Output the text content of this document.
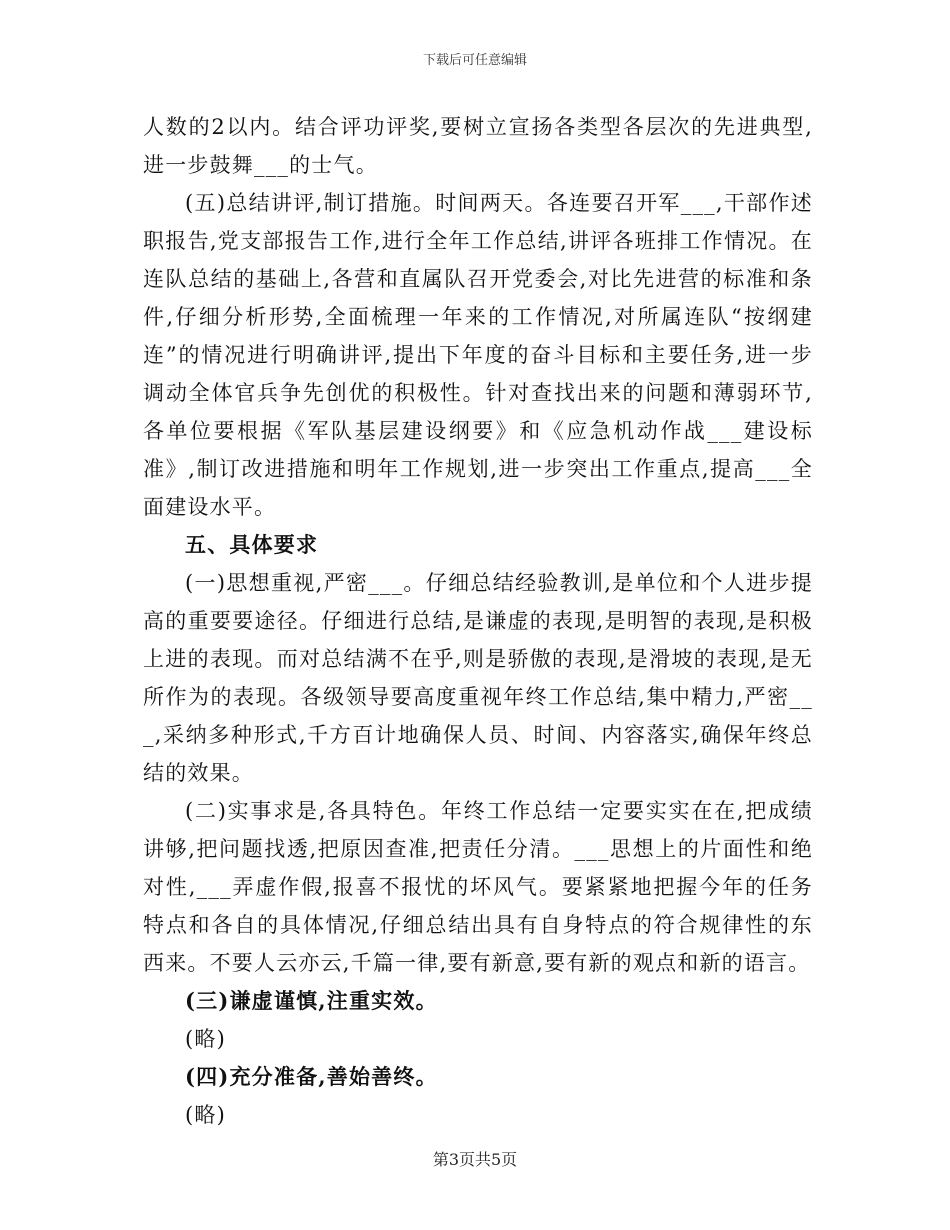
下载后可任意编辑

人数的2以内。结合评功评奖,要树立宣扬各类型各层次的先进典型,进一步鼓舞___的士气。

(五)总结讲评,制订措施。时间两天。各连要召开军___,干部作述职报告,党支部报告工作,进行全年工作总结,讲评各班排工作情况。在连队总结的基础上,各营和直属队召开党委会,对比先进营的标准和条件,仔细分析形势,全面梳理一年来的工作情况,对所属连队“按纲建连”的情况进行明确讲评,提出下年度的奋斗目标和主要任务,进一步调动全体官兵争先创优的积极性。针对查找出来的问题和薄弱环节,各单位要根据《军队基层建设纲要》和《应急机动作战___建设标准》,制订改进措施和明年工作规划,进一步突出工作重点,提高___全面建设水平。

五、具体要求

(一)思想重视,严密___。仔细总结经验教训,是单位和个人进步提高的重要要途径。仔细进行总结,是谦虚的表现,是明智的表现,是积极上进的表现。而对总结满不在乎,则是骄傲的表现,是滑坡的表现,是无所作为的表现。各级领导要高度重视年终工作总结,集中精力,严密___,采纳多种形式,千方百计地确保人员、时间、内容落实,确保年终总结的效果。

(二)实事求是,各具特色。年终工作总结一定要实实在在,把成绩讲够,把问题找透,把原因查准,把责任分清。___思想上的片面性和绝对性,___弄虚作假,报喜不报忧的坏风气。要紧紧地把握今年的任务特点和各自的具体情况,仔细总结出具有自身特点的符合规律性的东西来。不要人云亦云,千篇一律,要有新意,要有新的观点和新的语言。

(三)谦虚谨慎,注重实效。

(略)

(四)充分准备,善始善终。

(略)

第3页共5页
